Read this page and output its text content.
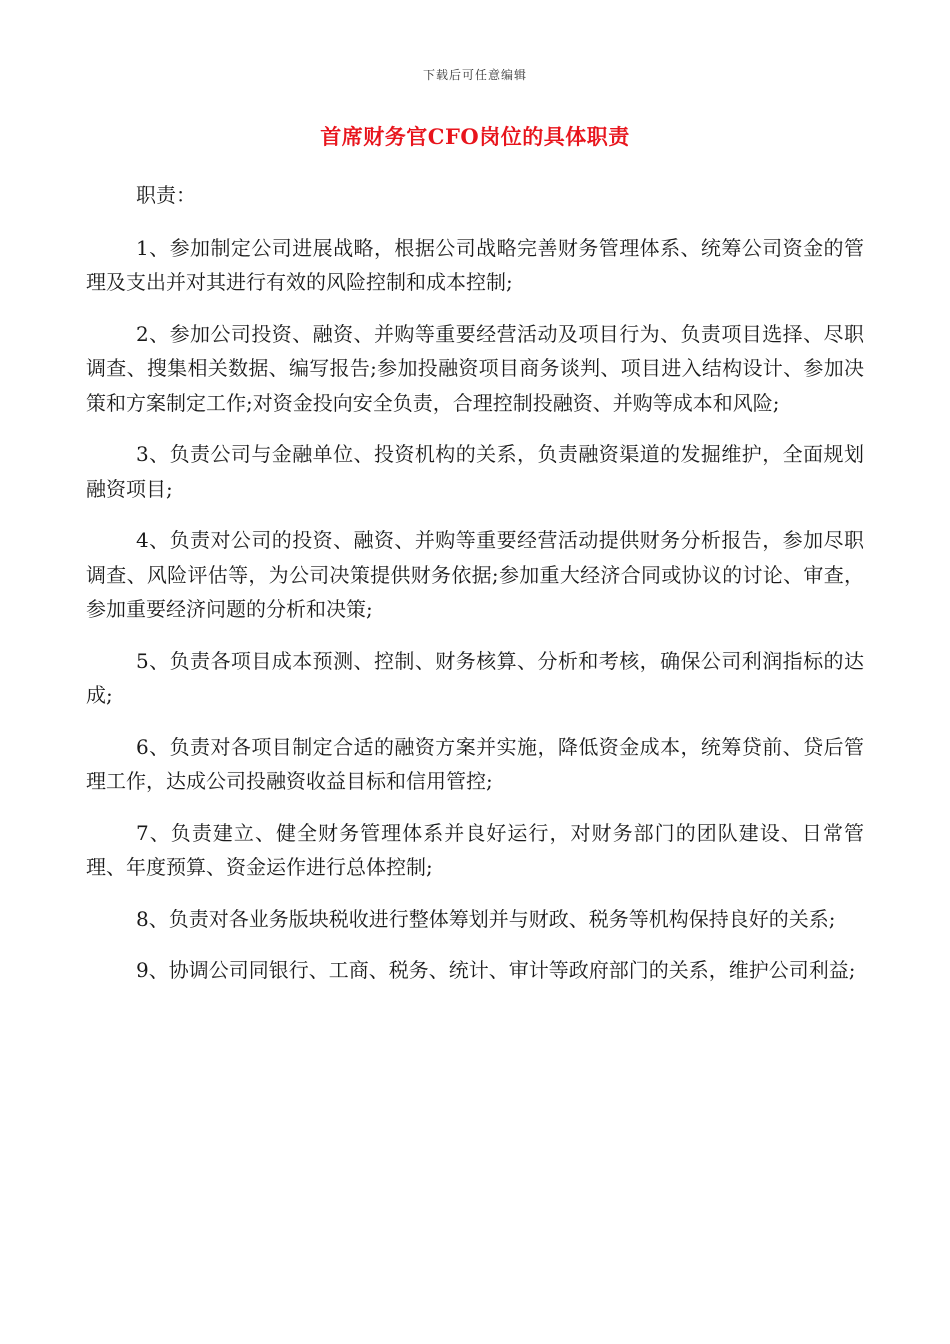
下载后可任意编辑
首席财务官CFO岗位的具体职责

职责：

1、参加制定公司进展战略，根据公司战略完善财务管理体系、统筹公司资金的管理及支出并对其进行有效的风险控制和成本控制;

2、参加公司投资、融资、并购等重要经营活动及项目行为、负责项目选择、尽职调查、搜集相关数据、编写报告;参加投融资项目商务谈判、项目进入结构设计、参加决策和方案制定工作;对资金投向安全负责，合理控制投融资、并购等成本和风险;

3、负责公司与金融单位、投资机构的关系，负责融资渠道的发掘维护，全面规划融资项目;

4、负责对公司的投资、融资、并购等重要经营活动提供财务分析报告，参加尽职调查、风险评估等，为公司决策提供财务依据;参加重大经济合同或协议的讨论、审查，参加重要经济问题的分析和决策;

5、负责各项目成本预测、控制、财务核算、分析和考核，确保公司利润指标的达成;

6、负责对各项目制定合适的融资方案并实施，降低资金成本，统筹贷前、贷后管理工作，达成公司投融资收益目标和信用管控;

7、负责建立、健全财务管理体系并良好运行，对财务部门的团队建设、日常管理、年度预算、资金运作进行总体控制;

8、负责对各业务版块税收进行整体筹划并与财政、税务等机构保持良好的关系;

9、协调公司同银行、工商、税务、统计、审计等政府部门的关系，维护公司利益;
